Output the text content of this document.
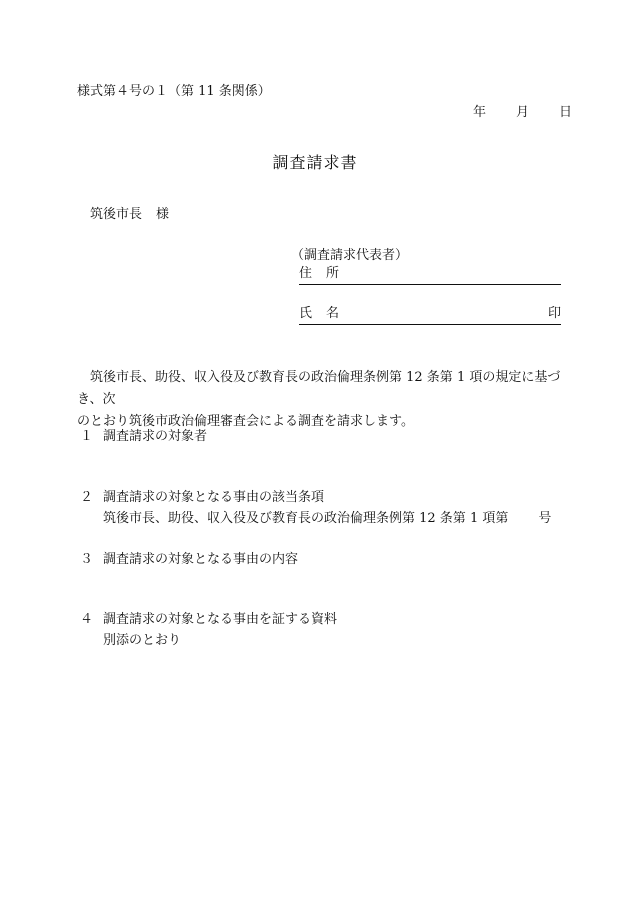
様式第４号の１（第 11 条関係）
年 月 日
調査請求書
筑後市長 様
（調査請求代表者）
住所
氏名	印

筑後市長、助役、収入役及び教育長の政治倫理条例第 12 条第 1 項の規定に基づき、次

のとおり筑後市政治倫理審査会による調査を請求します。

１ 調査請求の対象者
２ 調査請求の対象となる事由の該当条項
筑後市長、助役、収入役及び教育長の政治倫理条例第 12 条第 1 項第 号
３ 調査請求の対象となる事由の内容
４ 調査請求の対象となる事由を証する資料
別添のとおり
